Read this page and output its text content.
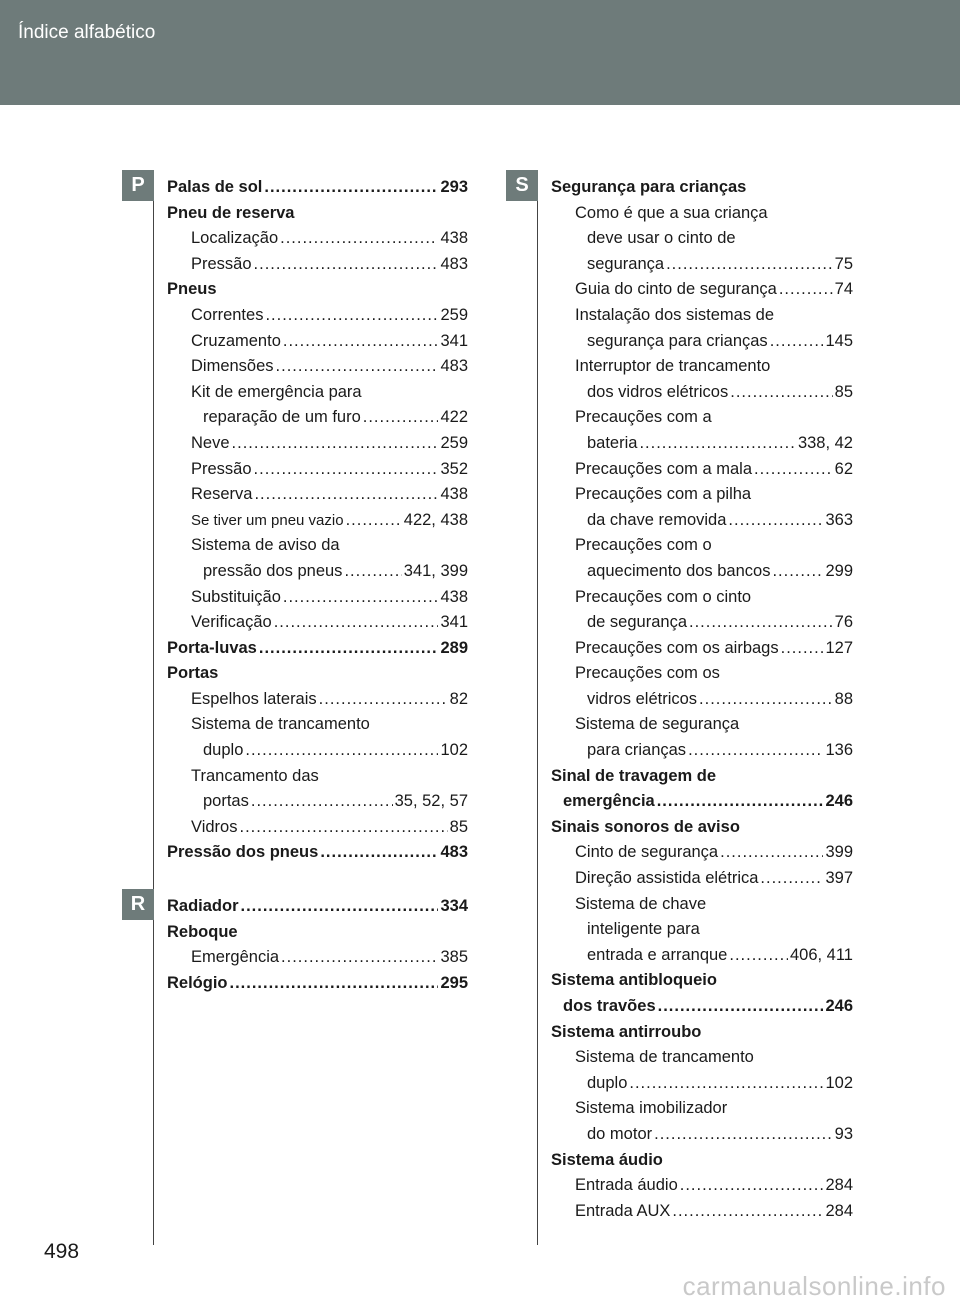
Índice alfabético
P
R
S
Palas de sol .....	293
Pneu de reserva
Localização .....	438
Pressão .....	483
Pneus
Correntes .....	259
Cruzamento .....	341
Dimensões .....	483
Kit de emergência para
reparação de um furo .....	422
Neve .....	259
Pressão .....	352
Reserva .....	438
Se tiver um pneu vazio .....	422, 438
Sistema de aviso da
pressão dos pneus .....	341, 399
Substituição .....	438
Verificação .....	341
Porta-luvas .....	289
Portas
Espelhos laterais .....	82
Sistema de trancamento
duplo .....	102
Trancamento das
portas .....	35, 52, 57
Vidros .....	85
Pressão dos pneus .....	483
Radiador .....	334
Reboque
Emergência .....	385
Relógio .....	295
Segurança para crianças
Como é que a sua criança
deve usar o cinto de
segurança .....	75
Guia do cinto de segurança .....	74
Instalação dos sistemas de
segurança para crianças .....	145
Interruptor de trancamento
dos vidros elétricos .....	85
Precauções com a
bateria .....	338, 42
Precauções com a mala .....	62
Precauções com a pilha
da chave removida .....	363
Precauções com o
aquecimento dos bancos .....	299
Precauções com o cinto
de segurança .....	76
Precauções com os airbags .....	127
Precauções com os
vidros elétricos .....	88
Sistema de segurança
para crianças .....	136
Sinal de travagem de
emergência .....	246
Sinais sonoros de aviso
Cinto de segurança .....	399
Direção assistida elétrica .....	397
Sistema de chave
inteligente para
entrada e arranque .....	406, 411
Sistema antibloqueio
dos travões .....	246
Sistema antirroubo
Sistema de trancamento
duplo .....	102
Sistema imobilizador
do motor .....	93
Sistema áudio
Entrada áudio .....	284
Entrada AUX .....	284
498
carmanualsonline.info
